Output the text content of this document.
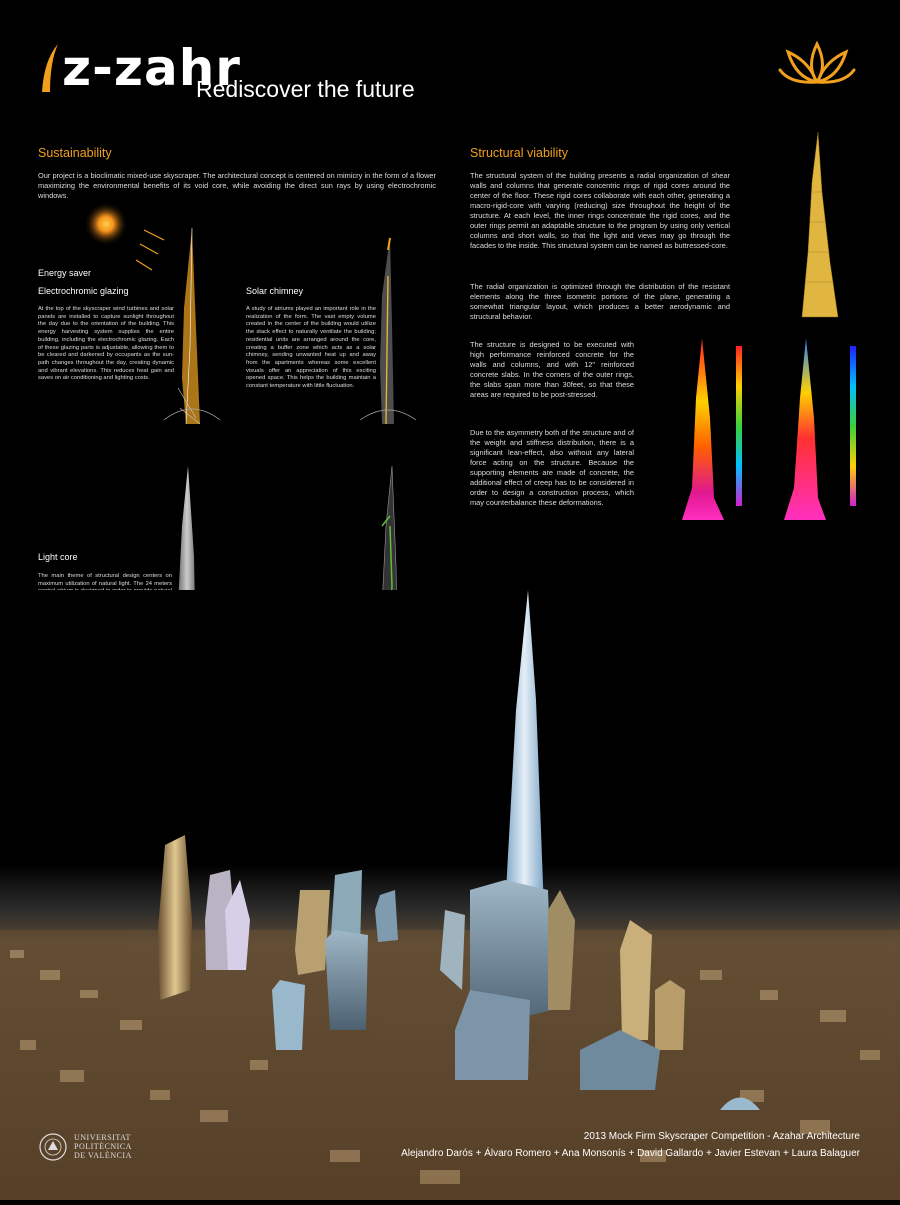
z-zahr
Rediscover the future
Sustainability

Our project is a bioclimatic mixed-use skyscraper. The architectural concept is centered on mimicry in the form of a flower maximizing the environmental benefits of its void core, while avoiding the direct sun rays by using electrochromic windows.

Energy saver
Electrochromic glazing

At the top of the skyscraper wind turbines and solar panels are installed to capture sunlight throughout the day due to the orientation of the building. This energy harvesting system supplies the entire building, including the electrochromic glazing. Each of these glazing parts is adjustable, allowing them to be cleared and darkened by occupants as the sun-path changes throughout the day, creating dynamic and vibrant elevations. This reduces heat gain and saves on air conditioning and lighting costs.

Solar chimney

A study of atriums played an important role in the realization of the form. The vast empty volume created in the center of the building would utilize the stack effect to naturally ventilate the building; residential units are arranged around the core, creating a buffer zone which acts as a solar chimney, sending unwanted heat up and away from the apartments whereas some excellent visuals offer an appreciation of this exciting opened space. This helps the building maintain a constant temperature with little fluctuation.

Light core

The main theme of structural design centers on maximum utilization of natural light. The 24 meters

Structural viability

The structural system of the building presents a radial organization of shear walls and columns that generate concentric rings of rigid cores around the center of the floor. These rigid cores collaborate with each other, generating a macro-rigid-core with varying (reducing) size throughout the height of the structure. At each level, the inner rings concentrate the rigid cores, and the outer rings permit an adaptable structure to the program by using only vertical columns and short walls, so that the light and views may go through the facades to the inside. This structural system can be named as buttressed-core.

The radial organization is optimized through the distribution of the resistant elements along the three isometric portions of the plane, generating a somewhat triangular layout, which produces a better aerodynamic and structural behavior.

The structure is designed to be executed with high performance reinforced concrete for the walls and columns, and with 12" reinforced concrete slabs. In the corners of the outer rings, the slabs span more than 30feet, so that these areas are required to be post-stressed.

Due to the asymmetry both of the structure and of the weight and stiffness distribution, there is a significant lean-effect, also without any lateral force acting on the structure. Because the supporting elements are made of concrete, the additional effect of creep has to be considered in order to design a construction process, which may counterbalance these deformations.

UNIVERSITAT
POLITÈCNICA
DE VALÈNCIA
2013 Mock Firm Skyscraper Competition - Azahar Architecture
Alejandro Darós + Álvaro Romero + Ana Monsonís + David Gallardo + Javier Estevan + Laura Balaguer
